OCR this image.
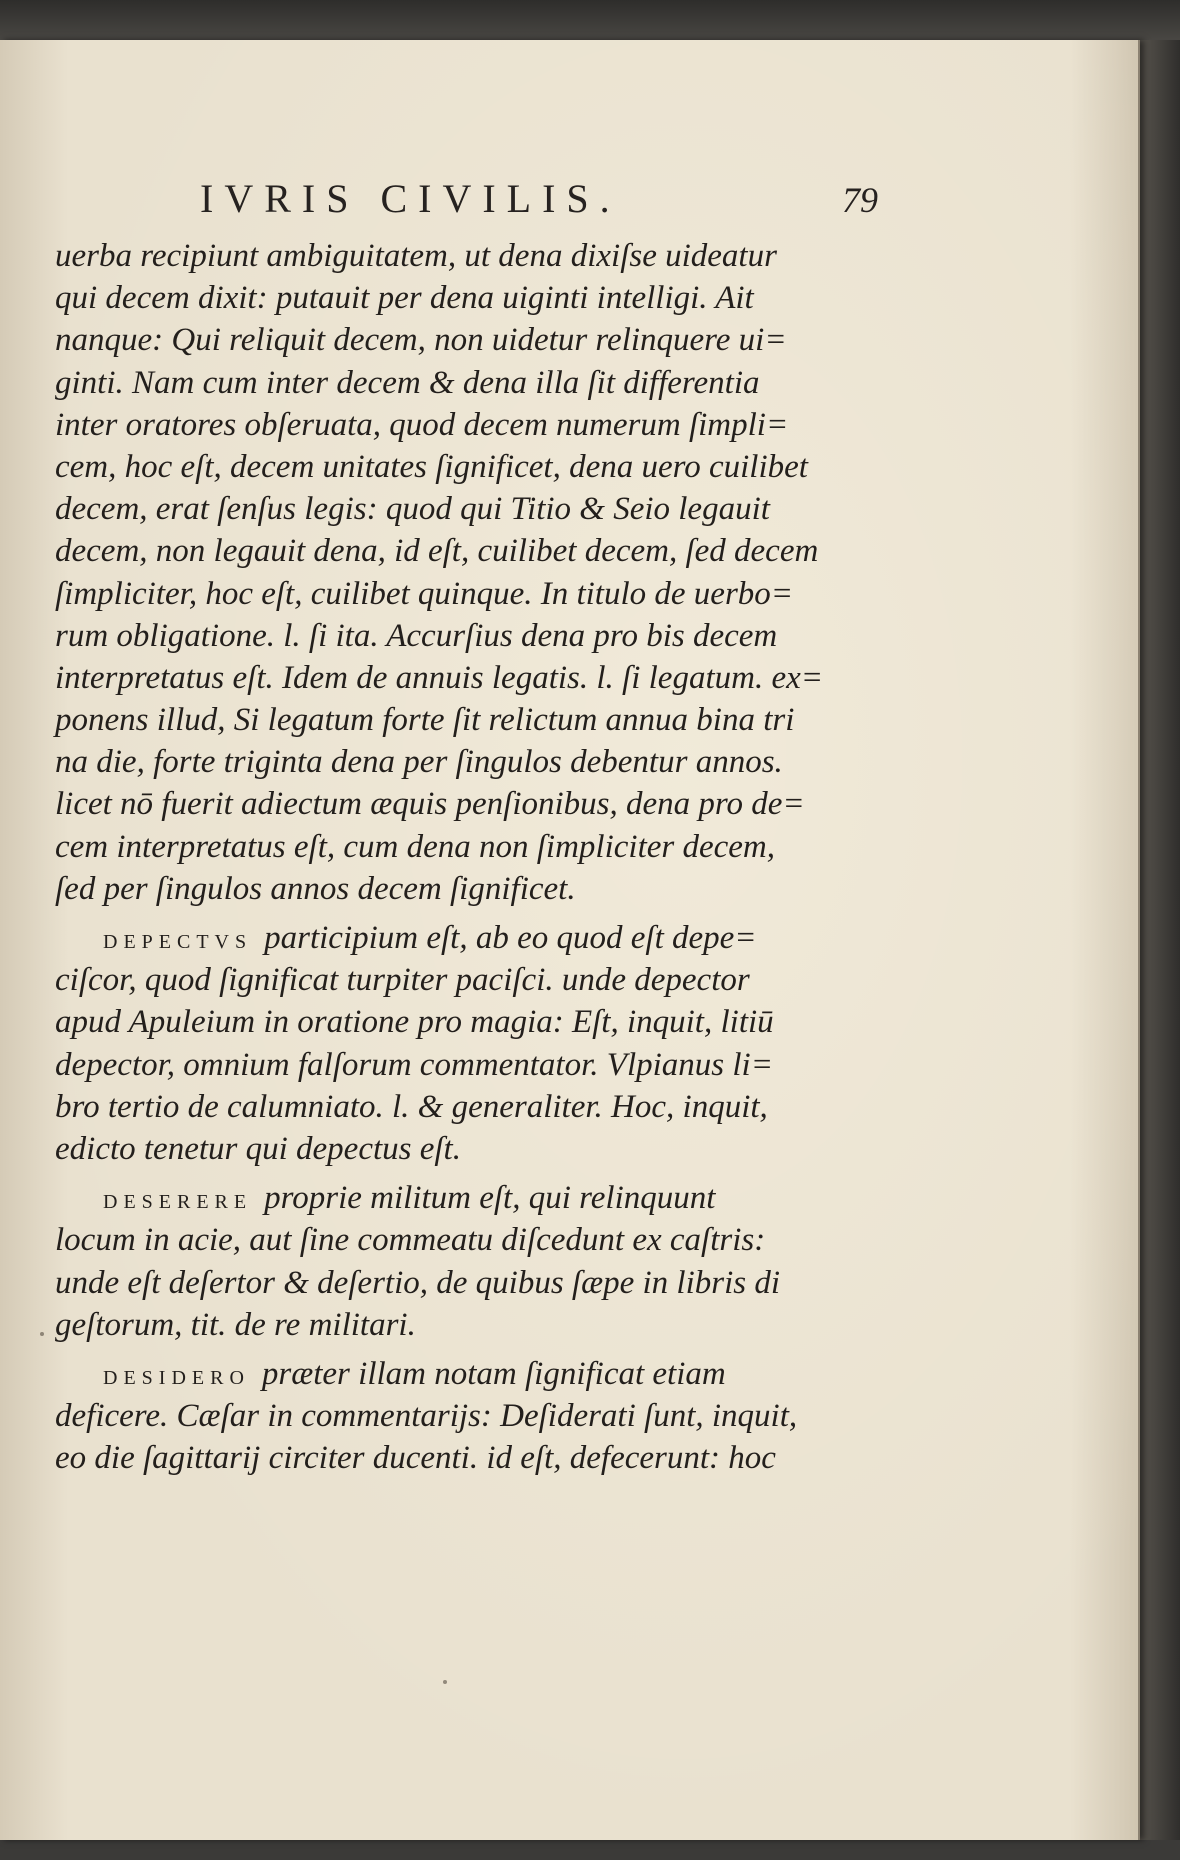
IVRIS CIVILIS.	79
uerba recipiunt ambiguitatem, ut dena dixiſse uideatur
qui decem dixit: putauit per dena uiginti intelligi. Ait
nanque: Qui reliquit decem, non uidetur relinquere ui=
ginti. Nam cum inter decem & dena illa ſit differentia
inter oratores obſeruata, quod decem numerum ſimpli=
cem, hoc eſt, decem unitates ſignificet, dena uero cuilibet
decem, erat ſenſus legis: quod qui Titio & Seio legauit
decem, non legauit dena, id eſt, cuilibet decem, ſed decem
ſimpliciter, hoc eſt, cuilibet quinque. In titulo de uerbo=
rum obligatione. l. ſi ita. Accurſius dena pro bis decem
interpretatus eſt. Idem de annuis legatis. l. ſi legatum. ex=
ponens illud, Si legatum forte ſit relictum annua bina tri
na die, forte triginta dena per ſingulos debentur annos.
licet nō fuerit adiectum æquis penſionibus, dena pro de=
cem interpretatus eſt, cum dena non ſimpliciter decem,
ſed per ſingulos annos decem ſignificet.
depectvs participium eſt, ab eo quod eſt depe=
ciſcor, quod ſignificat turpiter paciſci. unde depector
apud Apuleium in oratione pro magia: Eſt, inquit, litiū
depector, omnium falſorum commentator. Vlpianus li=
bro tertio de calumniato. l. & generaliter. Hoc, inquit,
edicto tenetur qui depectus eſt.
deserere proprie militum eſt, qui relinquunt
locum in acie, aut ſine commeatu diſcedunt ex caſtris:
unde eſt deſertor & deſertio, de quibus ſæpe in libris di
geſtorum, tit. de re militari.
desidero præter illam notam ſignificat etiam
deficere. Cæſar in commentarijs: Deſiderati ſunt, inquit,
eo die ſagittarij circiter ducenti. id eſt, defecerunt: hoc
